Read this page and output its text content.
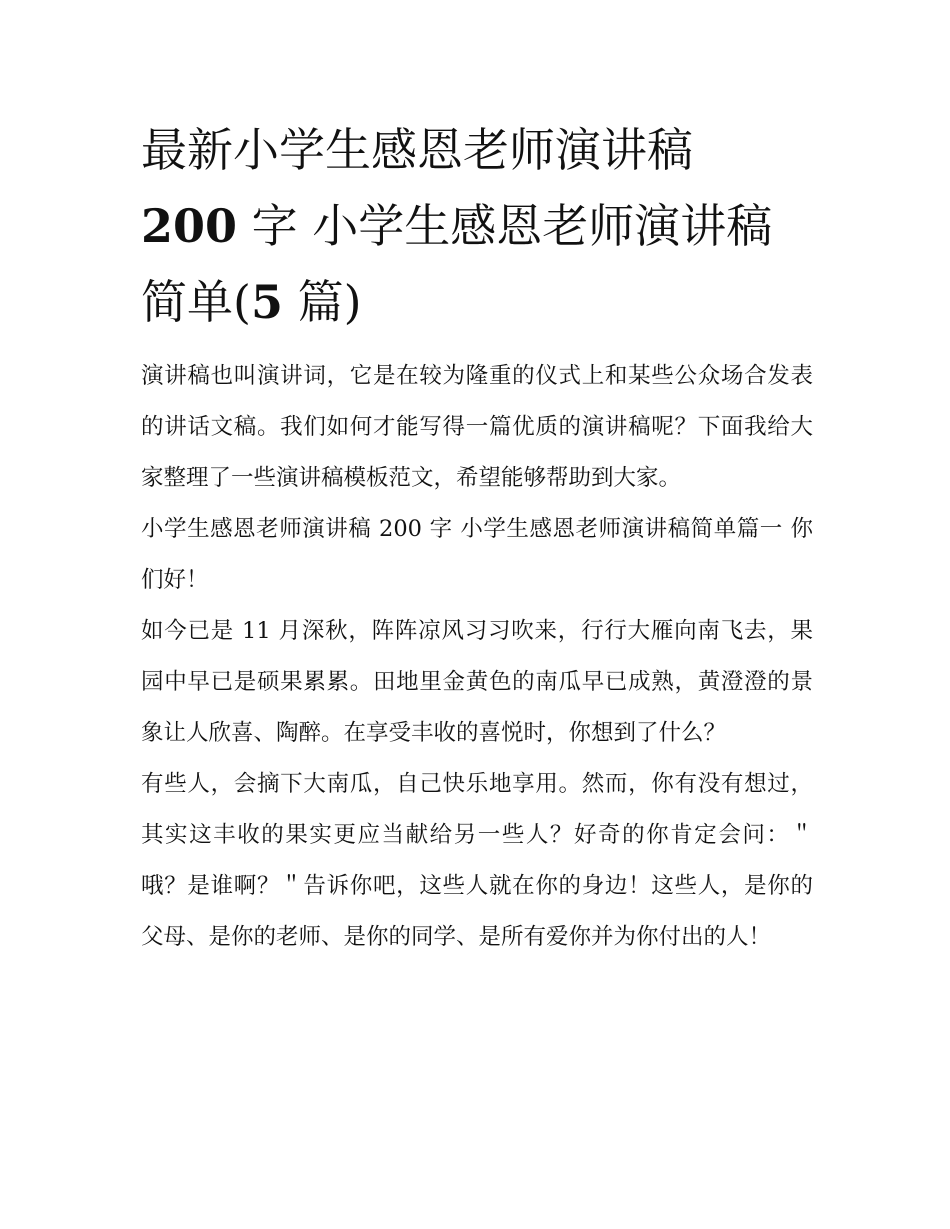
最新小学生感恩老师演讲稿
200 字 小学生感恩老师演讲稿
简单(5 篇)

演讲稿也叫演讲词，它是在较为隆重的仪式上和某些公众场合发表的讲话文稿。我们如何才能写得一篇优质的演讲稿呢？下面我给大家整理了一些演讲稿模板范文，希望能够帮助到大家。

小学生感恩老师演讲稿 200 字 小学生感恩老师演讲稿简单篇一 你们好！

如今已是 11 月深秋，阵阵凉风习习吹来，行行大雁向南飞去，果园中早已是硕果累累。田地里金黄色的南瓜早已成熟，黄澄澄的景象让人欣喜、陶醉。在享受丰收的喜悦时，你想到了什么？

有些人，会摘下大南瓜，自己快乐地享用。然而，你有没有想过，其实这丰收的果实更应当献给另一些人？好奇的你肯定会问：＂哦？是谁啊？＂告诉你吧，这些人就在你的身边！这些人，是你的父母、是你的老师、是你的同学、是所有爱你并为你付出的人！
